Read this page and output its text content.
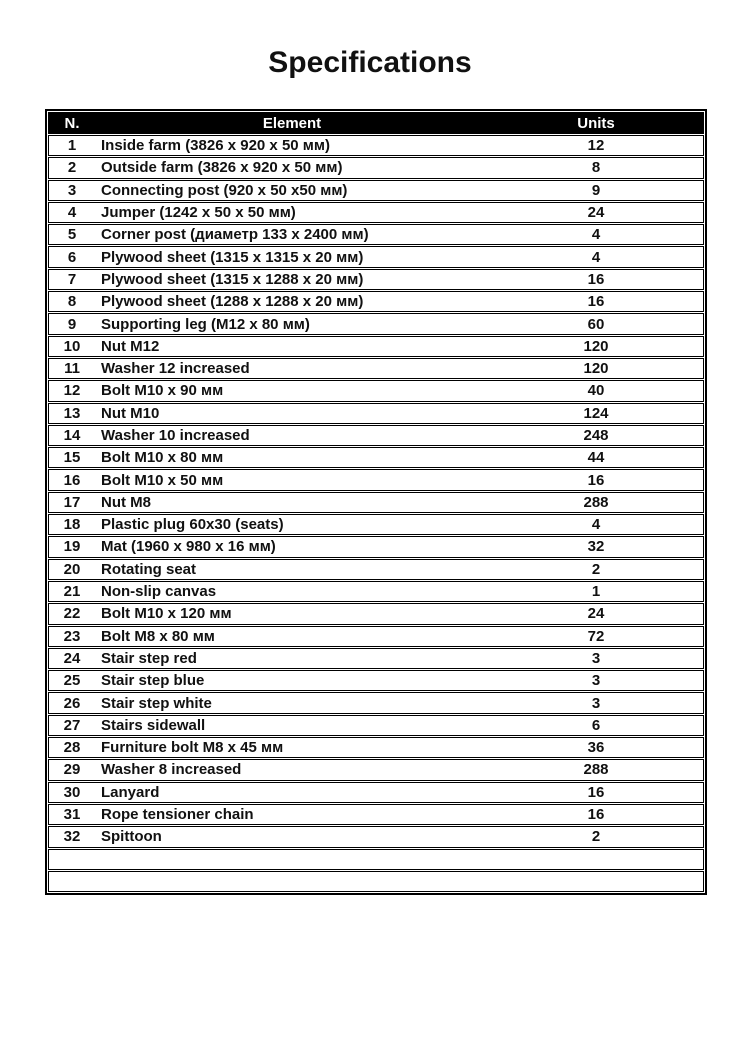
Specifications
N.	Element	Units
1	Inside farm (3826 x 920 x 50 мм)	12
2	Outside farm (3826 x 920 x 50 мм)	8
3	Connecting post (920 x 50 x50 мм)	9
4	Jumper (1242 x 50 x 50 мм)	24
5	Corner post (диаметр 133 x 2400 мм)	4
6	Plywood sheet (1315 x 1315 x 20 мм)	4
7	Plywood sheet (1315 x 1288 x 20 мм)	16
8	Plywood sheet (1288 x 1288 x 20 мм)	16
9	Supporting leg (M12 x 80 мм)	60
10	Nut M12	120
11	Washer 12 increased	120
12	Bolt M10 x 90 мм	40
13	Nut M10	124
14	Washer 10 increased	248
15	Bolt M10 x 80 мм	44
16	Bolt M10 x 50 мм	16
17	Nut M8	288
18	Plastic plug 60x30 (seats)	4
19	Mat (1960 x 980 x 16 мм)	32
20	Rotating seat	2
21	Non-slip canvas	1
22	Bolt M10 x 120 мм	24
23	Bolt M8 x 80 мм	72
24	Stair step red	3
25	Stair step blue	3
26	Stair step white	3
27	Stairs sidewall	6
28	Furniture bolt M8 x 45 мм	36
29	Washer 8 increased	288
30	Lanyard	16
31	Rope tensioner chain	16
32	Spittoon	2
